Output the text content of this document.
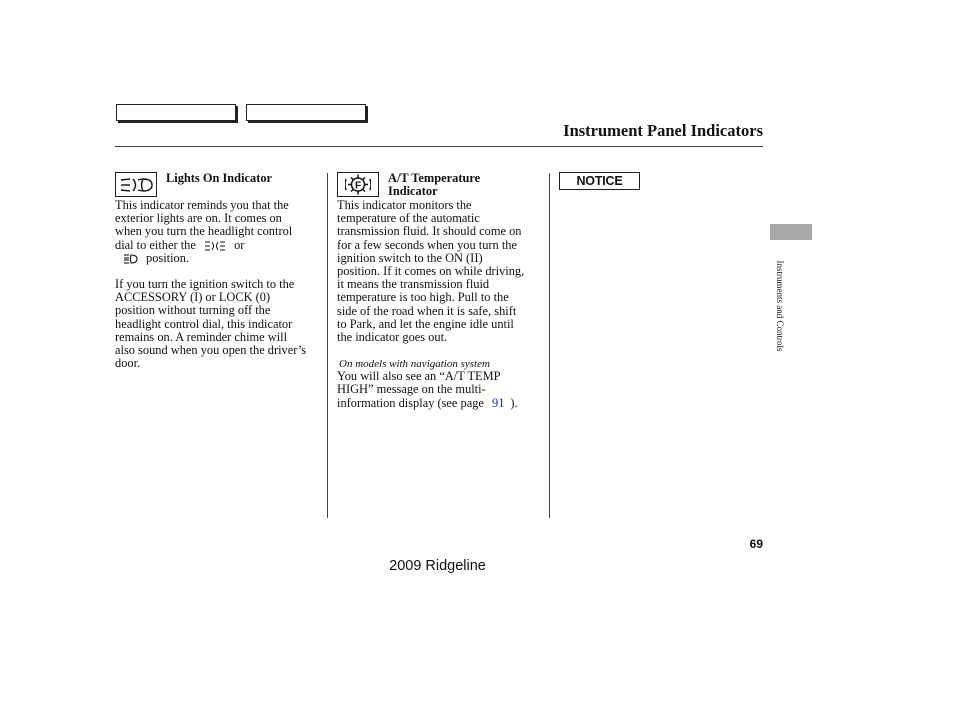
Instrument Panel Indicators
Lights On Indicator

This indicator reminds you that the

exterior lights are on. It comes on

when you turn the headlight control

dial to either the	or

position.

If you turn the ignition switch to the

ACCESSORY (I) or LOCK (0)

position without turning off the

headlight control dial, this indicator

remains on. A reminder chime will

also sound when you open the driver’s

door.

F
A/T Temperature
Indicator

This indicator monitors the

temperature of the automatic

transmission fluid. It should come on

for a few seconds when you turn the

ignition switch to the ON (II)

position. If it comes on while driving,

it means the transmission fluid

temperature is too high. Pull to the

side of the road when it is safe, shift

to Park, and let the engine idle until

the indicator goes out.

On models with navigation system

You will also see an “A/T TEMP

HIGH” message on the multi-

information display (see page 91 ).

NOTICE
Instruments and Controls
69
2009 Ridgeline
